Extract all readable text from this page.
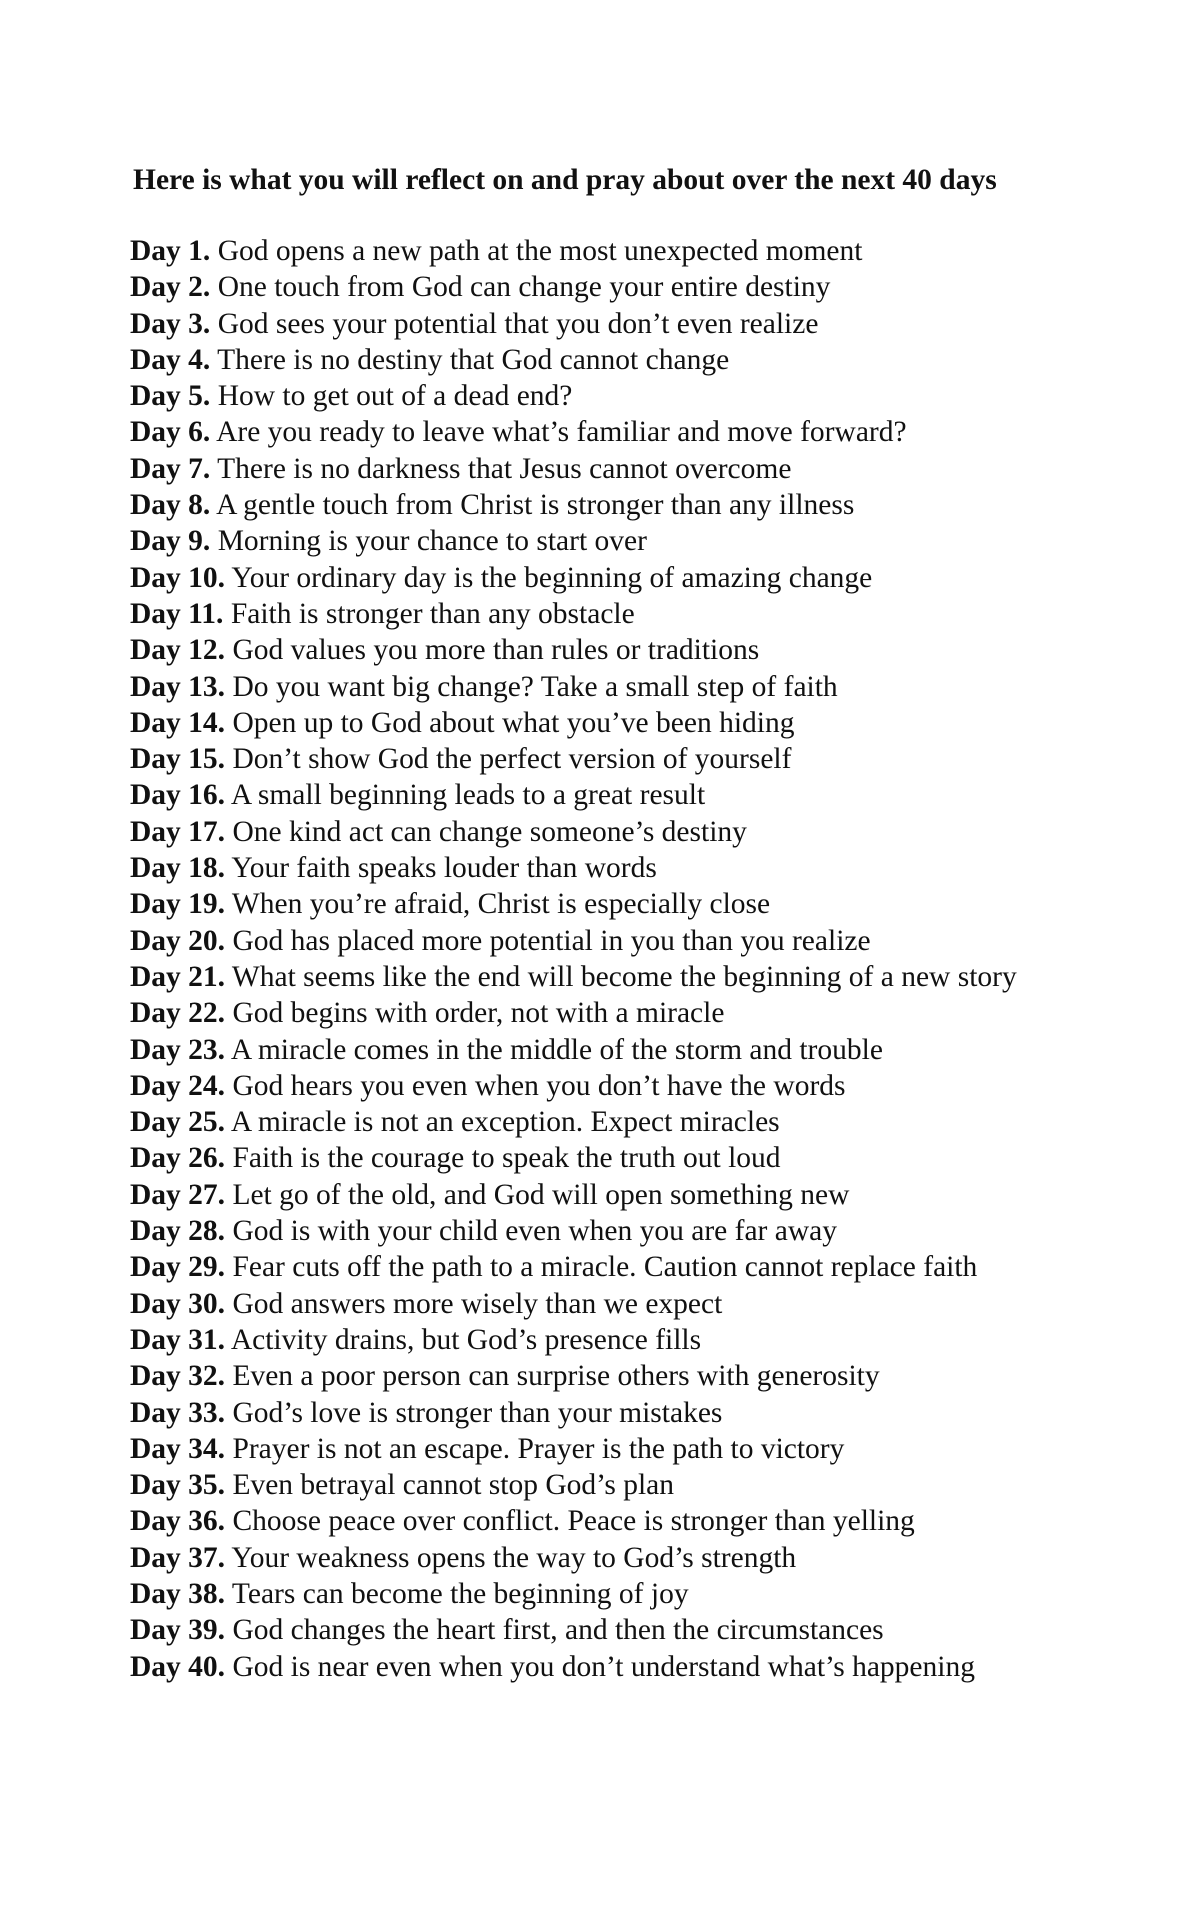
Here is what you will reflect on and pray about over the next 40 days
Day 1. God opens a new path at the most unexpected moment
Day 2. One touch from God can change your entire destiny
Day 3. God sees your potential that you don’t even realize
Day 4. There is no destiny that God cannot change
Day 5. How to get out of a dead end?
Day 6. Are you ready to leave what’s familiar and move forward?
Day 7. There is no darkness that Jesus cannot overcome
Day 8. A gentle touch from Christ is stronger than any illness
Day 9. Morning is your chance to start over
Day 10. Your ordinary day is the beginning of amazing change
Day 11. Faith is stronger than any obstacle
Day 12. God values you more than rules or traditions
Day 13. Do you want big change? Take a small step of faith
Day 14. Open up to God about what you’ve been hiding
Day 15. Don’t show God the perfect version of yourself
Day 16. A small beginning leads to a great result
Day 17. One kind act can change someone’s destiny
Day 18. Your faith speaks louder than words
Day 19. When you’re afraid, Christ is especially close
Day 20. God has placed more potential in you than you realize
Day 21. What seems like the end will become the beginning of a new story
Day 22. God begins with order, not with a miracle
Day 23. A miracle comes in the middle of the storm and trouble
Day 24. God hears you even when you don’t have the words
Day 25. A miracle is not an exception. Expect miracles
Day 26. Faith is the courage to speak the truth out loud
Day 27. Let go of the old, and God will open something new
Day 28. God is with your child even when you are far away
Day 29. Fear cuts off the path to a miracle. Caution cannot replace faith
Day 30. God answers more wisely than we expect
Day 31. Activity drains, but God’s presence fills
Day 32. Even a poor person can surprise others with generosity
Day 33. God’s love is stronger than your mistakes
Day 34. Prayer is not an escape. Prayer is the path to victory
Day 35. Even betrayal cannot stop God’s plan
Day 36. Choose peace over conflict. Peace is stronger than yelling
Day 37. Your weakness opens the way to God’s strength
Day 38. Tears can become the beginning of joy
Day 39. God changes the heart first, and then the circumstances
Day 40. God is near even when you don’t understand what’s happening
